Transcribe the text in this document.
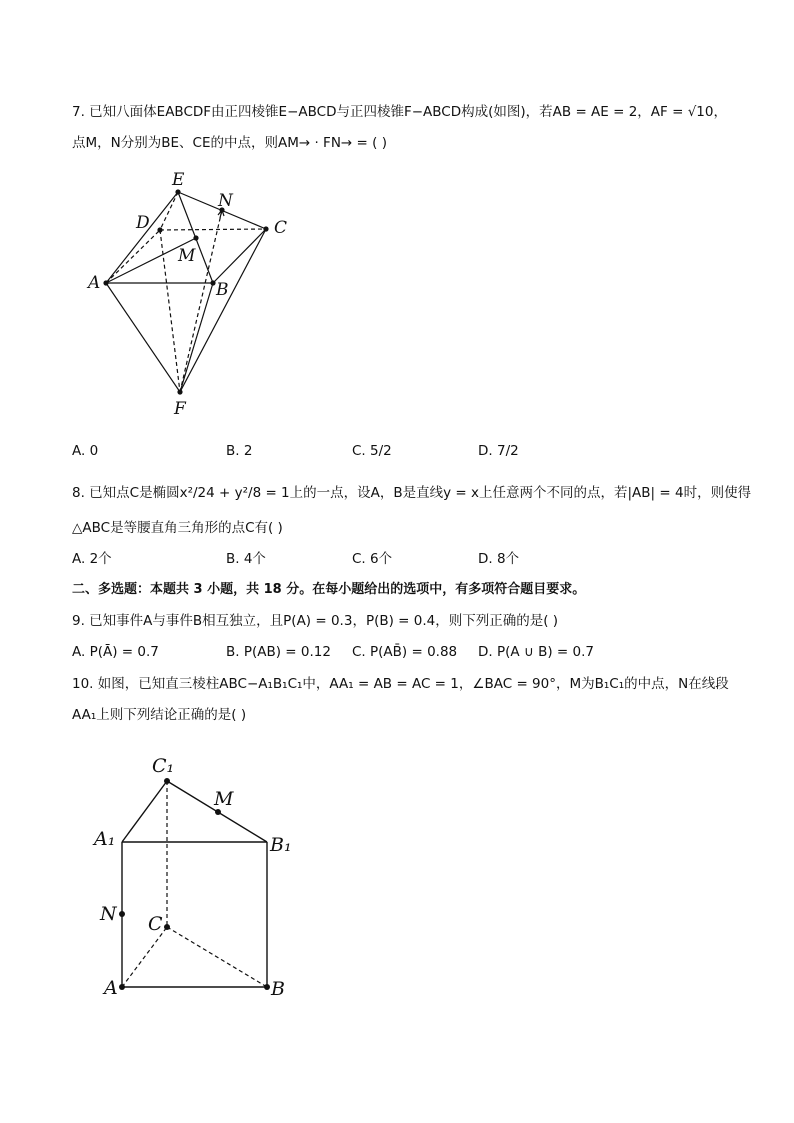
7. 已知八面体EABCDF由正四棱锥E−ABCD与正四棱锥F−ABCD构成(如图)，若AB = AE = 2，AF = √10，
点M，N分别为BE、CE的中点，则AM→ · FN→ = ( )
E
N
D	C
M
A	B
F
A. 0	B. 2	C. 5/2	D. 7/2
8. 已知点C是椭圆x²/24 + y²/8 = 1上的一点，设A，B是直线y = x上任意两个不同的点，若|AB| = 4时，则使得
△ABC是等腰直角三角形的点C有( )
A. 2个	B. 4个	C. 6个	D. 8个
二、多选题：本题共 3 小题，共 18 分。在每小题给出的选项中，有多项符合题目要求。
9. 已知事件A与事件B相互独立，且P(A) = 0.3，P(B) = 0.4，则下列正确的是( )
A. P(Ā) = 0.7	B. P(AB) = 0.12 C. P(AB̄) = 0.88 D. P(A ∪ B) = 0.7
10. 如图，已知直三棱柱ABC−A₁B₁C₁中，AA₁ = AB = AC = 1，∠BAC = 90°，M为B₁C₁的中点，N在线段
AA₁上则下列结论正确的是( )
C₁
M
A₁	B₁
N C
A	B
